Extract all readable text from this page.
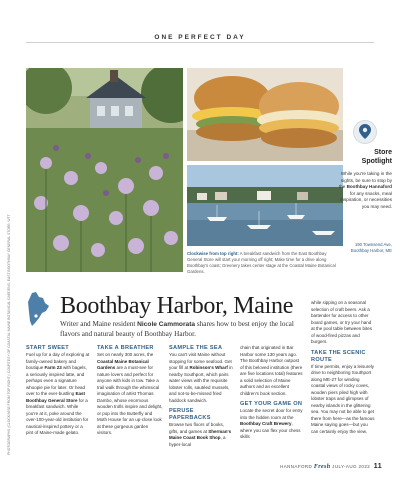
ONE PERFECT DAY
Store
Spotlight
While you're taking in the sights, be sure to stop by the Boothbay Hannaford for any snacks, meal inspiration, or necessities you may need.
190 Townsend Ave, Boothbay Harbor, ME
Clockwise from top right: A breakfast sandwich from the East Boothbay General Store will start your morning off right; Make time for a drive along Boothbay's coast; Greenery takes center stage at the Coastal Maine Botanical Gardens.
PHOTOGRAPHS (CLOCKWISE FROM TOP RIGHT): COURTESY OF COASTAL MAINE BOTANICAL GARDENS; EAST BOOTHBAY GENERAL STORE; WTT Boothbay Harbor, Maine
Writer and Maine resident Nicole Cammorata shares how to best enjoy the local flavors and natural beauty of Boothbay Harbor.
START SWEET
Fuel up for a day of exploring at family-owned bakery and boutique Farm 23 with bagels, a seriously inspired latte, and perhaps even a signature whoopie pie for later. Or head over to the ever-bustling East Boothbay General Store for a breakfast sandwich. While you're at it, poke around the over-100-year-old institution for nautical-inspired pottery or a pint of Maine-made gelato.
TAKE A BREATHER
Set on nearly 300 acres, the Coastal Maine Botanical Gardens are a must-see for nature lovers and perfect for anyone with kids in tow. Take a trail walk through the whimsical imagination of artist Thomas Dambo, whose enormous wooden trolls inspire and delight, or pop into the Butterfly and Moth House for an up-close look at these gorgeous garden visitors.
SAMPLE THE SEA
You can't visit Maine without stopping for some seafood. Get your fill at Robinson's Wharf in nearby Southport, which pairs water views with the requisite lobster rolls, sautéed mussels, and not-to-be-missed fried haddock sandwich.
PERUSE PAPERBACKS
Browse two floors of books, gifts, and games at Sherman's Maine Coast Book Shop, a hyper-local
chain that originated in Bar Harbor some 130 years ago. The Boothbay Harbor outpost of this beloved institution (there are five locations total) features a solid selection of Maine authors and an excellent children's book section.
GET YOUR GAME ON
Locate the secret door for entry into the hidden room at the Boothbay Craft Brewery, where you can flex your chess skills
while sipping on a seasonal selection of craft beers. Ask a bartender for access to other board games, or try your hand at the pool table between bites of wood-fired pizzas and burgers.
TAKE THE SCENIC ROUTE
If time permits, enjoy a leisurely drive to neighboring Southport along ME-27 for winding coastal views of rocky coves, wooden piers piled high with lobster traps and glimpses of nearby islands in the glittering sea. You may not be able to get there from here—as the famous Maine saying goes—but you can certainly enjoy the view.
HANNAFORD Fresh JULY-AUG 2022 11
